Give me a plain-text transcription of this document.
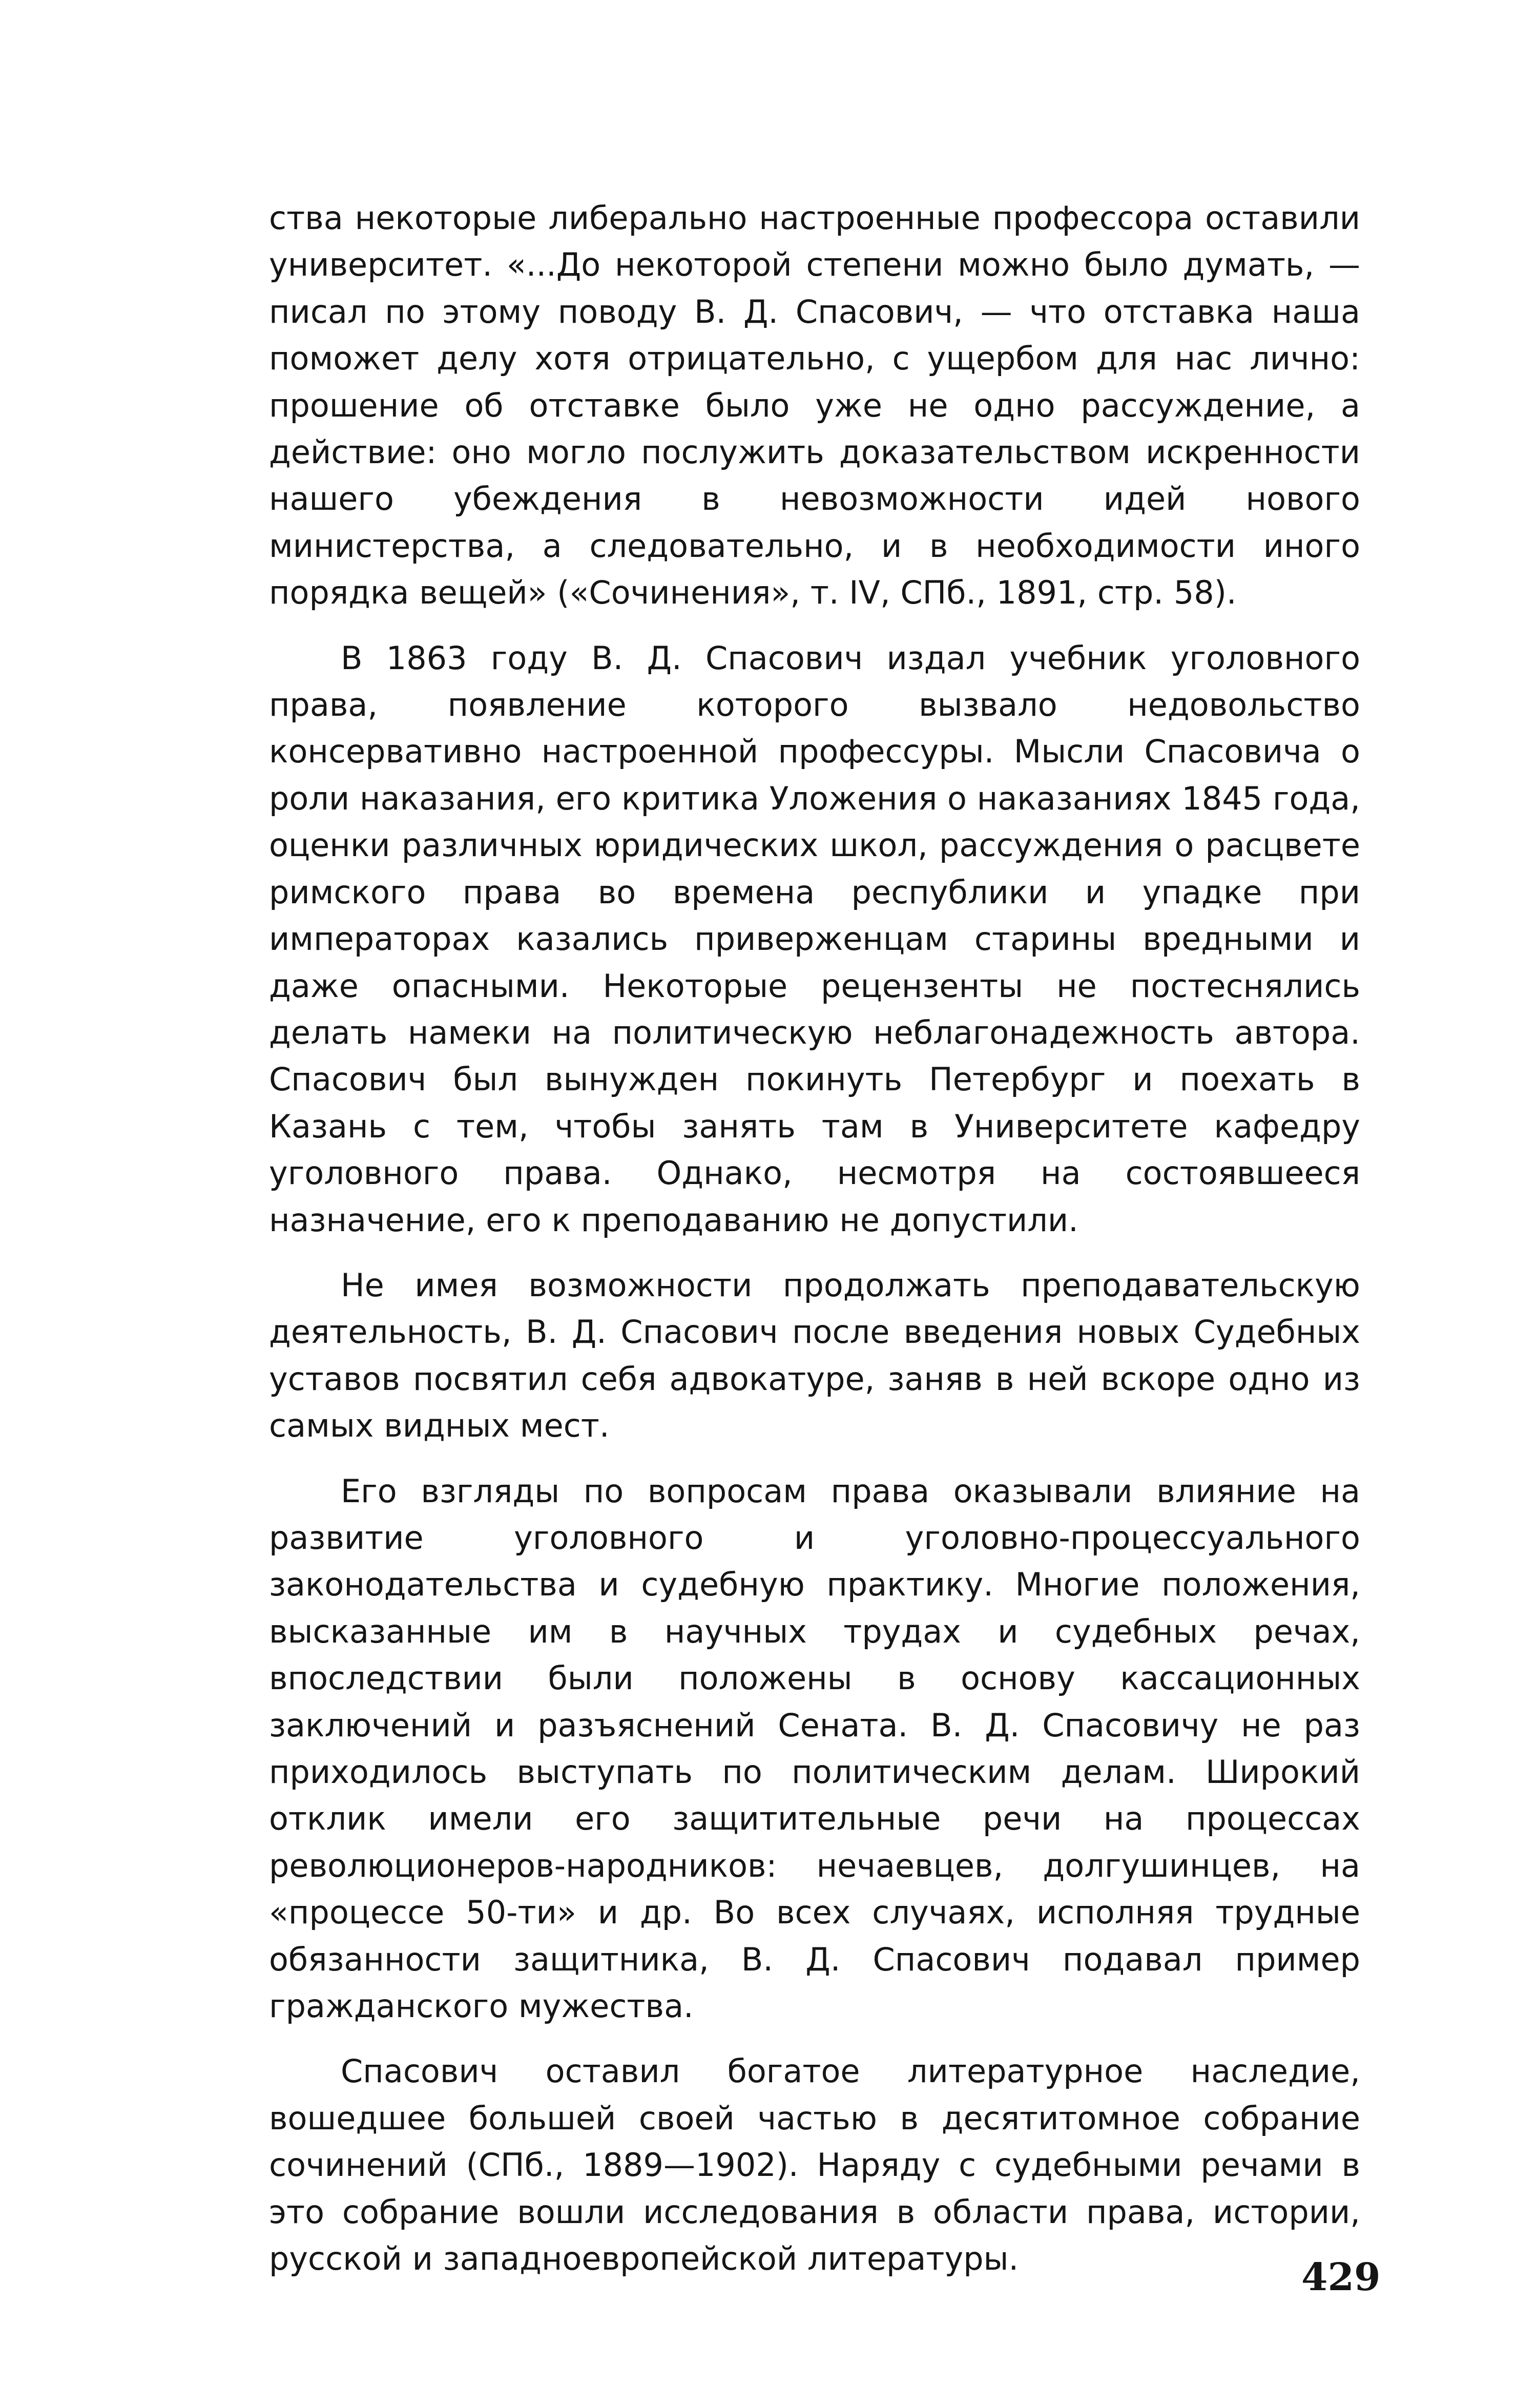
ства некоторые либерально настроенные профессора оставили университет. «...До некоторой степени можно было думать, — писал по этому поводу В. Д. Спасович, — что отставка наша поможет делу хотя отрицательно, с ущербом для нас лично: прошение об отставке было уже не одно рассуждение, а действие: оно могло послужить доказательством искренности нашего убеждения в невозможности идей нового министерства, а следовательно, и в необходимости иного порядка вещей» («Сочинения», т. IV, СПб., 1891, стр. 58).

В 1863 году В. Д. Спасович издал учебник уголовного права, появление которого вызвало недовольство консервативно настроенной профессуры. Мысли Спасовича о роли наказания, его критика Уложения о наказаниях 1845 года, оценки различных юридических школ, рассуждения о расцвете римского права во времена республики и упадке при императорах казались приверженцам старины вредными и даже опасными. Некоторые рецензенты не постеснялись делать намеки на политическую неблагонадежность автора. Спасович был вынужден покинуть Петербург и поехать в Казань с тем, чтобы занять там в Университете кафедру уголовного права. Однако, несмотря на состоявшееся назначение, его к преподаванию не допустили.

Не имея возможности продолжать преподавательскую деятельность, В. Д. Спасович после введения новых Судебных уставов посвятил себя адвокатуре, заняв в ней вскоре одно из самых видных мест.

Его взгляды по вопросам права оказывали влияние на развитие уголовного и уголовно-процессуального законодательства и судебную практику. Многие положения, высказанные им в научных трудах и судебных речах, впоследствии были положены в основу кассационных заключений и разъяснений Сената. В. Д. Спасовичу не раз приходилось выступать по политическим делам. Широкий отклик имели его защитительные речи на процессах революционеров-народников: нечаевцев, долгушинцев, на «процессе 50-ти» и др. Во всех случаях, исполняя трудные обязанности защитника, В. Д. Спасович подавал пример гражданского мужества.

Спасович оставил богатое литературное наследие, вошедшее большей своей частью в десятитомное собрание сочинений (СПб., 1889—1902). Наряду с судебными речами в это собрание вошли исследования в области права, истории, русской и западноевропейской литературы.	429
